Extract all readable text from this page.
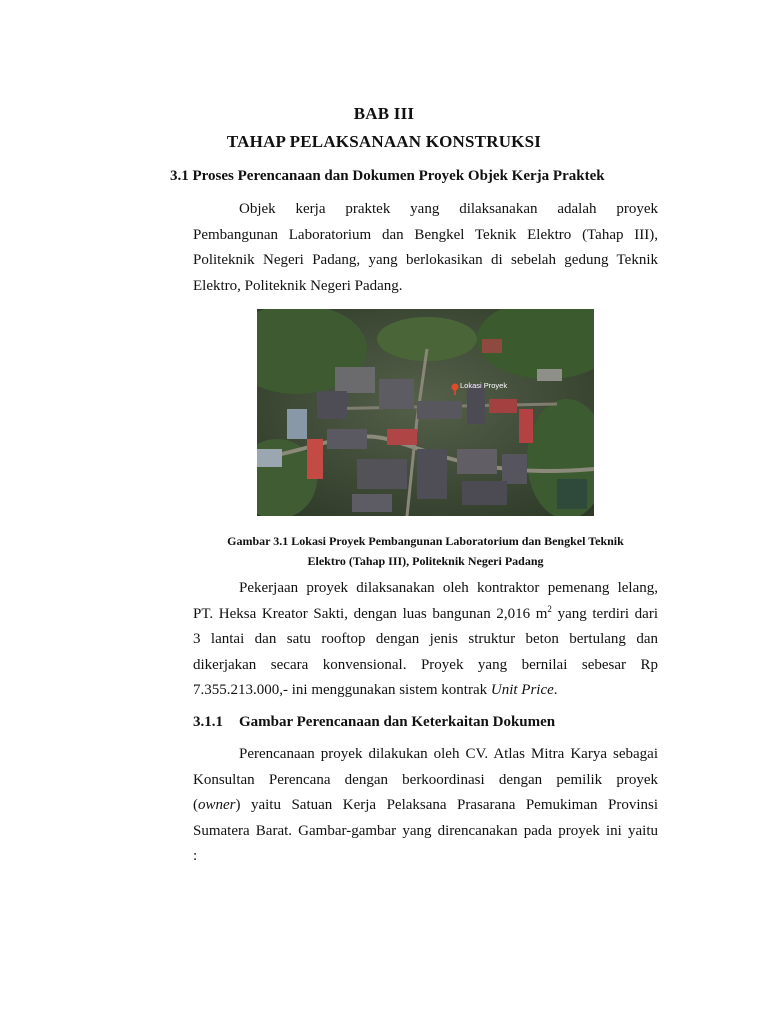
BAB III
TAHAP PELAKSANAAN KONSTRUKSI
3.1 Proses Perencanaan dan Dokumen Proyek Objek Kerja Praktek
Objek kerja praktek yang dilaksanakan adalah proyek
Pembangunan Laboratorium dan Bengkel Teknik Elektro (Tahap III),
Politeknik Negeri Padang, yang berlokasikan di sebelah gedung Teknik
Elektro, Politeknik Negeri Padang.
Lokasi Proyek
Gambar 3.1 Lokasi Proyek Pembangunan Laboratorium dan Bengkel Teknik
Elektro (Tahap III), Politeknik Negeri Padang
Pekerjaan proyek dilaksanakan oleh kontraktor pemenang lelang,
PT. Heksa Kreator Sakti, dengan luas bangunan 2,016 $m^2$ yang terdiri dari
3 lantai dan satu rooftop dengan jenis struktur beton bertulang dan
dikerjakan secara konvensional. Proyek yang bernilai sebesar Rp
7.355.213.000,- ini menggunakan sistem kontrak Unit Price.
3.1.1 Gambar Perencanaan dan Keterkaitan Dokumen
Perencanaan proyek dilakukan oleh CV. Atlas Mitra Karya sebagai
Konsultan Perencana dengan berkoordinasi dengan pemilik proyek
(owner) yaitu Satuan Kerja Pelaksana Prasarana Pemukiman Provinsi
Sumatera Barat. Gambar-gambar yang direncanakan pada proyek ini yaitu
:
